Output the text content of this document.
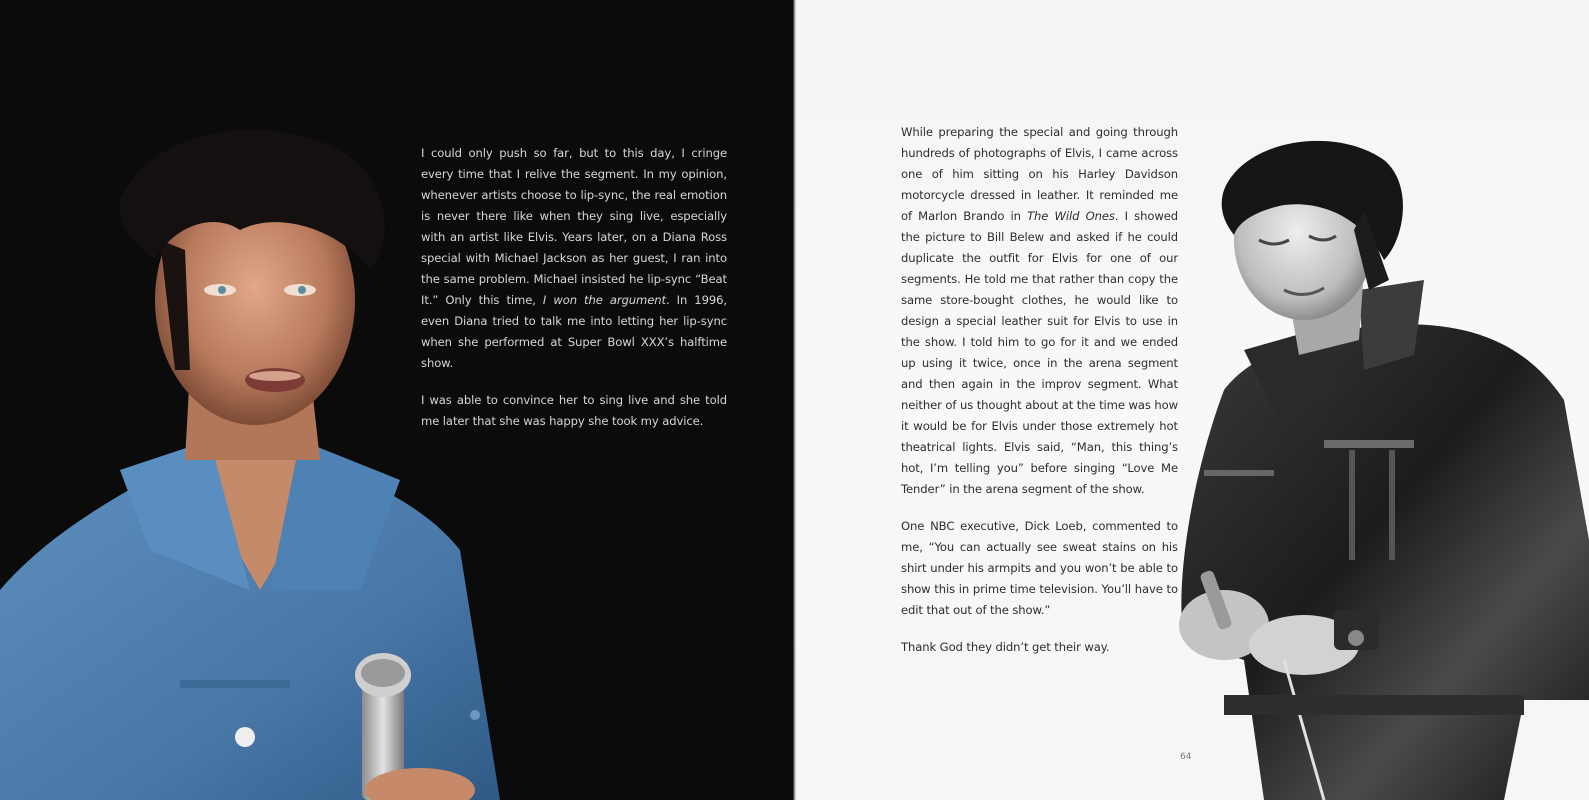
I could only push so far, but to this day, I cringe every time that I relive the segment. In my opinion, whenever artists choose to lip-sync, the real emotion is never there like when they sing live, especially with an artist like Elvis. Years later, on a Diana Ross special with Michael Jackson as her guest, I ran into the same problem. Michael insisted he lip-sync “Beat It.” Only this time, I won the argument. In 1996, even Diana tried to talk me into letting her lip-sync when she performed at Super Bowl XXX’s halftime show.

I was able to convince her to sing live and she told me later that she was happy she took my advice.

While preparing the special and going through hundreds of photographs of Elvis, I came across one of him sitting on his Harley Davidson motorcycle dressed in leather. It reminded me of Marlon Brando in The Wild Ones. I showed the picture to Bill Belew and asked if he could duplicate the outfit for Elvis for one of our segments. He told me that rather than copy the same store-bought clothes, he would like to design a special leather suit for Elvis to use in the show. I told him to go for it and we ended up using it twice, once in the arena segment and then again in the improv segment. What neither of us thought about at the time was how it would be for Elvis under those extremely hot theatrical lights. Elvis said, “Man, this thing’s hot, I’m telling you” before singing “Love Me Tender” in the arena segment of the show.

One NBC executive, Dick Loeb, commented to me, “You can actually see sweat stains on his shirt under his armpits and you won’t be able to show this in prime time television. You’ll have to edit that out of the show.”

Thank God they didn’t get their way.

64
